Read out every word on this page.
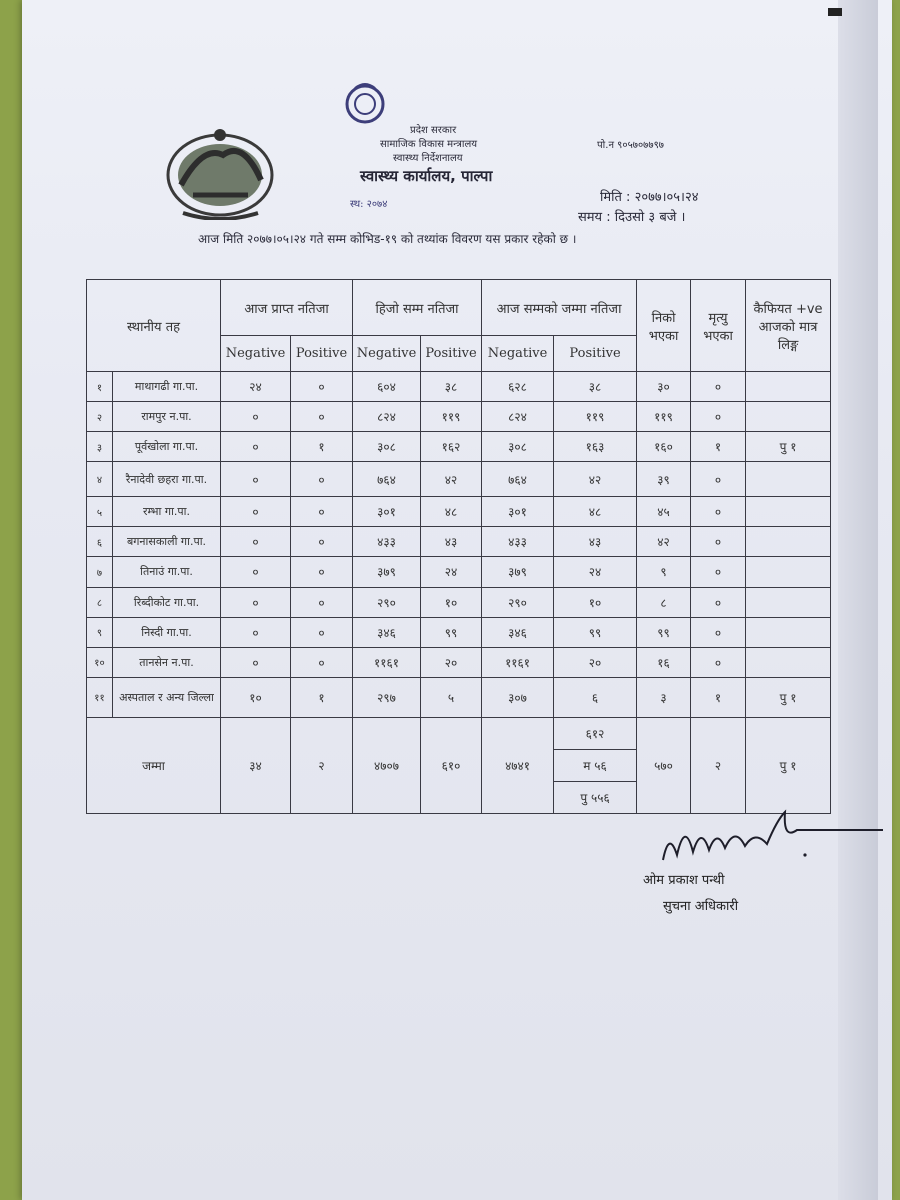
प्रदेश सरकार
सामाजिक विकास मन्त्रालय
स्वास्थ्य निर्देशनालय
स्वास्थ्य कार्यालय, पाल्पा
स्थ: २०७४
पो.न ९०५७०७७९७
मिति : २०७७।०५।२४
समय : दिउसो ३ बजे ।
आज मिति २०७७।०५।२४ गते सम्म कोभिड-१९ को तथ्यांक विवरण यस प्रकार रहेको छ ।
स्थानीय तह		आज प्राप्त नतिजा		हिजो सम्म नतिजा		आज सम्मको जम्मा नतिजा		निको भएका	मृत्यु भएका	कैफियत +ve आजको मात्र लिङ्ग
		Negative	Positive	Negative	Positive	Negative	Positive			
१	माथागढी गा.पा.	२४	०	६०४	३८	६२८	३८	३०	०	
२	रामपुर न.पा.	०	०	८२४	११९	८२४	११९	११९	०	
३	पूर्वखोला गा.पा.	०	१	३०८	१६२	३०८	१६३	१६०	१	पु १
४	रैनादेवी छहरा गा.पा.	०	०	७६४	४२	७६४	४२	३९	०	
५	रम्भा गा.पा.	०	०	३०१	४८	३०१	४८	४५	०	
६	बगनासकाली गा.पा.	०	०	४३३	४३	४३३	४३	४२	०	
७	तिनाउं गा.पा.	०	०	३७९	२४	३७९	२४	९	०	
८	रिब्दीकोट गा.पा.	०	०	२९०	१०	२९०	१०	८	०	
९	निस्दी गा.पा.	०	०	३४६	९९	३४६	९९	९९	०	
१०	तानसेन न.पा.	०	०	११६१	२०	११६१	२०	१६	०	
११	अस्पताल र अन्य जिल्ला	१०	१	२९७	५	३०७	६	३	१	पु १
जम्मा		३४	२	४७०७	६१०	४७४१	६१२	५७०	२	पु १
							म ५६			
							पु ५५६			
ओम प्रकाश पन्थी
सुचना अधिकारी
